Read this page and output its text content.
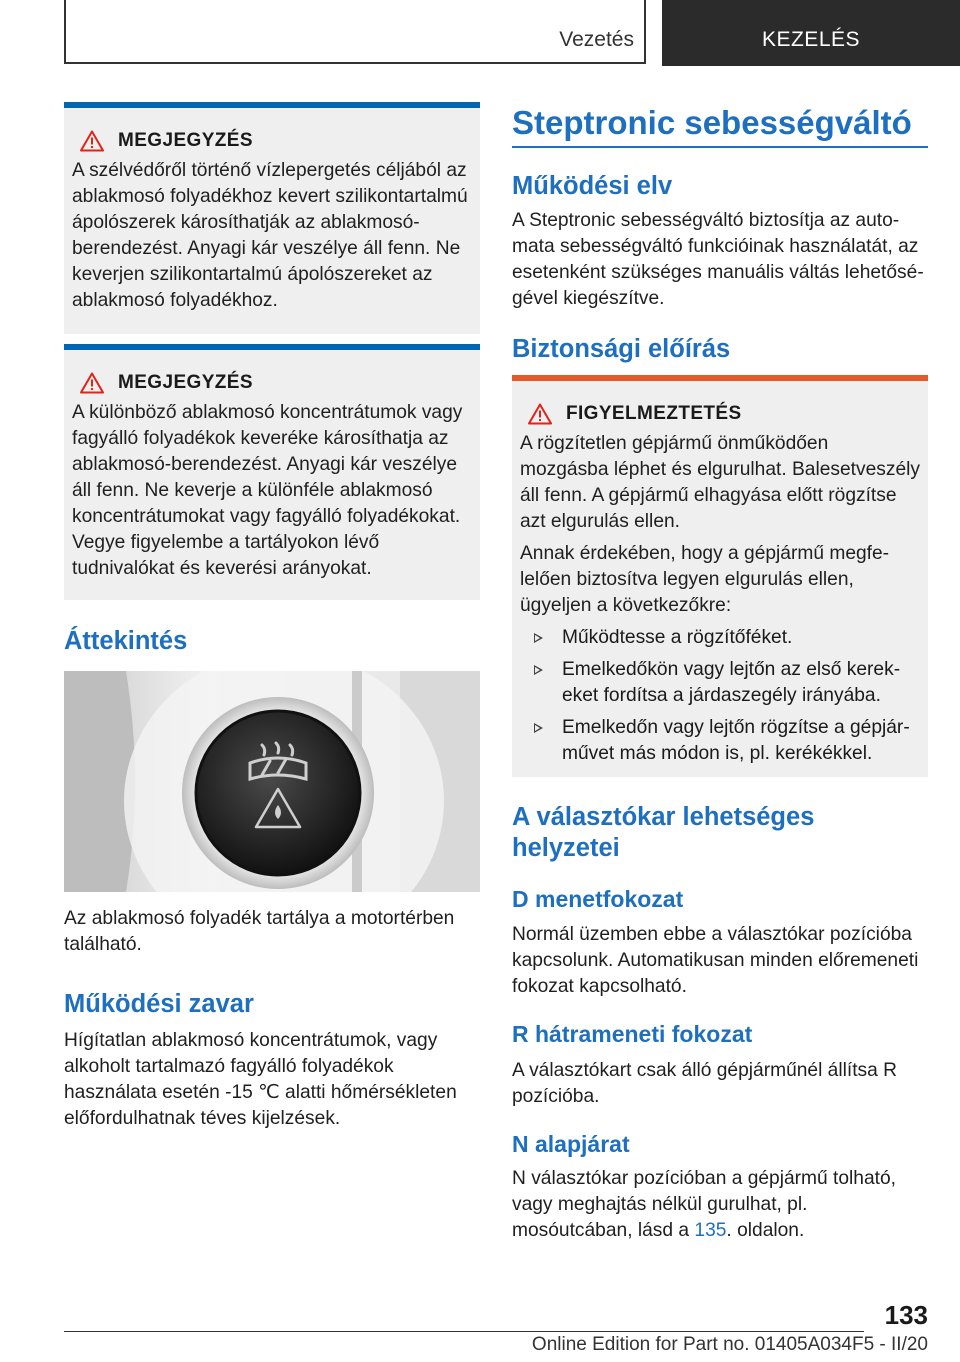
Vezetés	KEZELÉS
MEGJEGYZÉS

A szélvédőről történő vízlepergetés céljából az ablakmosó folyadékhoz kevert szilikontartalmú ápolószerek károsíthatják az ablakmosó-berendezést. Anyagi kár veszélye áll fenn. Ne keverjen szilikontartalmú ápolószereket az ablakmosó folyadékhoz.

MEGJEGYZÉS

A különböző ablakmosó koncentrátumok vagy fagyálló folyadékok keveréke károsíthatja az ablakmosó-berendezést. Anyagi kár veszélye áll fenn. Ne keverje a különféle ablakmosó koncentrátumokat vagy fagyálló folyadékokat. Vegye figyelembe a tartályokon lévő tudnivalókat és keverési arányokat.

Áttekintés
Az ablakmosó folyadék tartálya a motortérben található.
Működési zavar
Hígítatlan ablakmosó koncentrátumok, vagy alkoholt tartalmazó fagyálló folyadékok használata esetén -15 ℃ alatti hőmérsékleten előfordulhatnak téves kijelzések.
Steptronic sebességváltó
Működési elv
A Steptronic sebességváltó biztosítja az automata sebességváltó funkcióinak használatát, az esetenként szükséges manuális váltás lehetőségével kiegészítve.
Biztonsági előírás
FIGYELMEZTETÉS

A rögzítetlen gépjármű önműködően mozgásba léphet és elgurulhat. Balesetveszély áll fenn. A gépjármű elhagyása előtt rögzítse azt elgurulás ellen.

Annak érdekében, hogy a gépjármű megfelelően biztosítva legyen elgurulás ellen, ügyeljen a következőkre:

Működtesse a rögzítőféket.
Emelkedőkön vagy lejtőn az első kerekeket fordítsa a járdaszegély irányába.
Emelkedőn vagy lejtőn rögzítse a gépjárművet más módon is, pl. kerékékkel.
A választókar lehetséges helyzetei
D menetfokozat
Normál üzemben ebbe a választókar pozícióba kapcsolunk. Automatikusan minden előremeneti fokozat kapcsolható.
R hátrameneti fokozat
A választókart csak álló gépjárműnél állítsa R pozícióba.
N alapjárat
N választókar pozícióban a gépjármű tolható, vagy meghajtás nélkül gurulhat, pl. mosóutcában, lásd a 135. oldalon.
133
Online Edition for Part no. 01405A034F5 - II/20
